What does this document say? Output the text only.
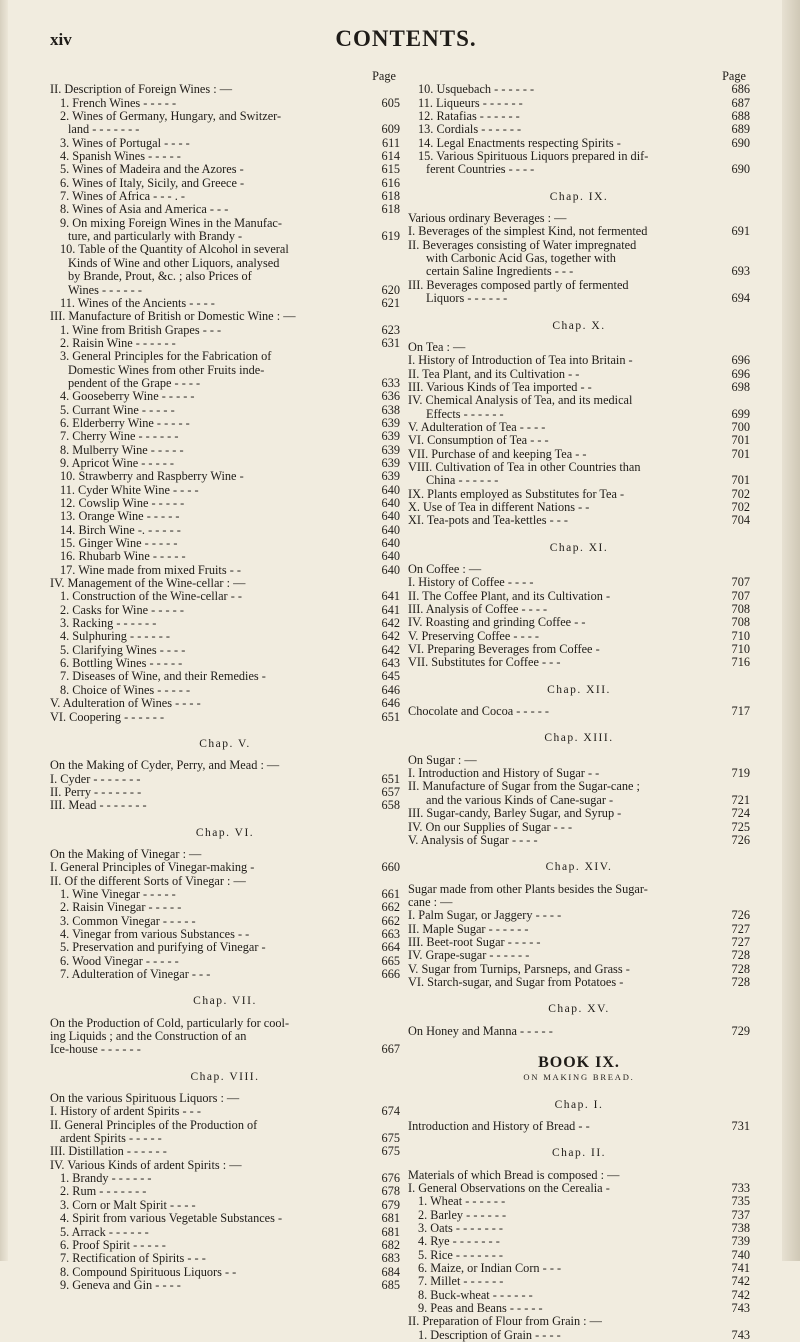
xiv	CONTENTS.
Page
II. Description of Foreign Wines : —
1. French Wines - - - - -	605
2. Wines of Germany, Hungary, and Switzer-
land - - - - - - -	609
3. Wines of Portugal - - - -	611
4. Spanish Wines - - - - -	614
5. Wines of Madeira and the Azores -	615
6. Wines of Italy, Sicily, and Greece -	616
7. Wines of Africa - - - . -	618
8. Wines of Asia and America - - -	618
9. On mixing Foreign Wines in the Manufac-
ture, and particularly with Brandy -	619
10. Table of the Quantity of Alcohol in several
Kinds of Wine and other Liquors, analysed
by Brande, Prout, &c. ; also Prices of
Wines - - - - - -	620
11. Wines of the Ancients - - - -	621
III. Manufacture of British or Domestic Wine : —
1. Wine from British Grapes - - -	623
2. Raisin Wine - - - - - -	631
3. General Principles for the Fabrication of
Domestic Wines from other Fruits inde-
pendent of the Grape - - - -	633
4. Gooseberry Wine - - - - -	636
5. Currant Wine - - - - -	638
6. Elderberry Wine - - - - -	639
7. Cherry Wine - - - - - -	639
8. Mulberry Wine - - - - -	639
9. Apricot Wine - - - - -	639
10. Strawberry and Raspberry Wine -	639
11. Cyder White Wine - - - -	640
12. Cowslip Wine - - - - -	640
13. Orange Wine - - - - -	640
14. Birch Wine -. - - - - -	640
15. Ginger Wine - - - - -	640
16. Rhubarb Wine - - - - -	640
17. Wine made from mixed Fruits - -	640
IV. Management of the Wine-cellar : —
1. Construction of the Wine-cellar - -	641
2. Casks for Wine - - - - -	641
3. Racking - - - - - -	642
4. Sulphuring - - - - - -	642
5. Clarifying Wines - - - -	642
6. Bottling Wines - - - - -	643
7. Diseases of Wine, and their Remedies -	645
8. Choice of Wines - - - - -	646
V. Adulteration of Wines - - - -	646
VI. Coopering - - - - - -	651
Chap. V.
On the Making of Cyder, Perry, and Mead : —
I. Cyder - - - - - - -	651
II. Perry - - - - - - -	657
III. Mead - - - - - - -	658
Chap. VI.
On the Making of Vinegar : —
I. General Principles of Vinegar-making -	660
II. Of the different Sorts of Vinegar : —
1. Wine Vinegar - - - - -	661
2. Raisin Vinegar - - - - -	662
3. Common Vinegar - - - - -	662
4. Vinegar from various Substances - -	663
5. Preservation and purifying of Vinegar -	664
6. Wood Vinegar - - - - -	665
7. Adulteration of Vinegar - - -	666
Chap. VII.
On the Production of Cold, particularly for cool-
ing Liquids ; and the Construction of an
Ice-house - - - - - -	667
Chap. VIII.
On the various Spirituous Liquors : —
I. History of ardent Spirits - - -	674
II. General Principles of the Production of
ardent Spirits - - - - -	675
III. Distillation - - - - - -	675
IV. Various Kinds of ardent Spirits : —
1. Brandy - - - - - -	676
2. Rum - - - - - - -	678
3. Corn or Malt Spirit - - - -	679
4. Spirit from various Vegetable Substances -	681
5. Arrack - - - - - -	681
6. Proof Spirit - - - - -	682
7. Rectification of Spirits - - -	683
8. Compound Spirituous Liquors - -	684
9. Geneva and Gin - - - -	685
Page
10. Usquebach - - - - - -	686
11. Liqueurs - - - - - -	687
12. Ratafias - - - - - -	688
13. Cordials - - - - - -	689
14. Legal Enactments respecting Spirits -	690
15. Various Spirituous Liquors prepared in dif-
ferent Countries - - - -	690
Chap. IX.
Various ordinary Beverages : —
I. Beverages of the simplest Kind, not fermented	691
II. Beverages consisting of Water impregnated
with Carbonic Acid Gas, together with
certain Saline Ingredients - - -	693
III. Beverages composed partly of fermented
Liquors - - - - - -	694
Chap. X.
On Tea : —
I. History of Introduction of Tea into Britain -	696
II. Tea Plant, and its Cultivation - -	696
III. Various Kinds of Tea imported - -	698
IV. Chemical Analysis of Tea, and its medical
Effects - - - - - -	699
V. Adulteration of Tea - - - -	700
VI. Consumption of Tea - - -	701
VII. Purchase of and keeping Tea - -	701
VIII. Cultivation of Tea in other Countries than
China - - - - - -	701
IX. Plants employed as Substitutes for Tea -	702
X. Use of Tea in different Nations - -	702
XI. Tea-pots and Tea-kettles - - -	704
Chap. XI.
On Coffee : —
I. History of Coffee - - - -	707
II. The Coffee Plant, and its Cultivation -	707
III. Analysis of Coffee - - - -	708
IV. Roasting and grinding Coffee - -	708
V. Preserving Coffee - - - -	710
VI. Preparing Beverages from Coffee -	710
VII. Substitutes for Coffee - - -	716
Chap. XII.
Chocolate and Cocoa - - - - -	717
Chap. XIII.
On Sugar : —
I. Introduction and History of Sugar - -	719
II. Manufacture of Sugar from the Sugar-cane ;
and the various Kinds of Cane-sugar -	721
III. Sugar-candy, Barley Sugar, and Syrup -	724
IV. On our Supplies of Sugar - - -	725
V. Analysis of Sugar - - - -	726
Chap. XIV.
Sugar made from other Plants besides the Sugar-
cane : —
I. Palm Sugar, or Jaggery - - - -	726
II. Maple Sugar - - - - - -	727
III. Beet-root Sugar - - - - -	727
IV. Grape-sugar - - - - - -	728
V. Sugar from Turnips, Parsneps, and Grass -	728
VI. Starch-sugar, and Sugar from Potatoes -	728
Chap. XV.
On Honey and Manna - - - - -	729
BOOK IX.
ON MAKING BREAD.
Chap. I.
Introduction and History of Bread - -	731
Chap. II.
Materials of which Bread is composed : —
I. General Observations on the Cerealia -	733
1. Wheat - - - - - -	735
2. Barley - - - - - -	737
3. Oats - - - - - - -	738
4. Rye - - - - - - -	739
5. Rice - - - - - - -	740
6. Maize, or Indian Corn - - -	741
7. Millet - - - - - -	742
8. Buck-wheat - - - - - -	742
9. Peas and Beans - - - - -	743
II. Preparation of Flour from Grain : —
1. Description of Grain - - - -	743
